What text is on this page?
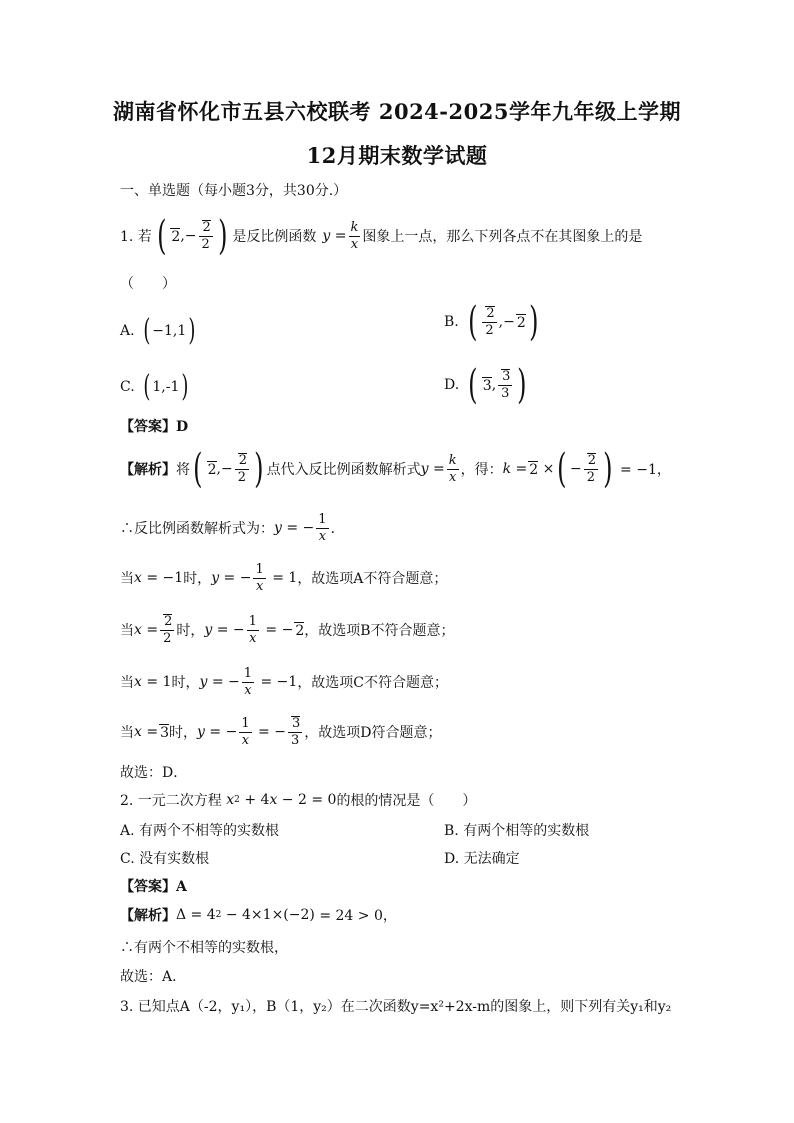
湖南省怀化市五县六校联考 2024-2025学年九年级上学期
12月期末数学试题
一、单选题（每小题3分，共30分.）
1. 若 ( 2 ,− $\frac{2}{2}$ ) 是反比例函数 $y = \frac{k}{x}$ 图象上一点，那么下列各点不在其图象上的是
（　　）
A. ( −1,1 )	B. ( $\frac{2}{2}$ ,− 2 )
C. ( 1,-1 )	D. ( 3 , $\frac{3}{3}$ )
【答案】D
【解析】 将 ( 2 ,− $\frac{2}{2}$ ) 点代入反比例函数解析式 $y = \frac{k}{x}$ ，得： k = 2 × ( − $\frac{2}{2}$ ) = −1，
∴反比例函数解析式为： y = − $\frac{1}{x}$ ．
当 x = −1 时， y = − $\frac{1}{x} = 1$ ，故选项A不符合题意；
当 $x = \frac{2}{2}$ 时， y = − $\frac{1}{x}$ = − 2 ，故选项B不符合题意；
当 x = 1 时， y = − $\frac{1}{x} = -1$ ，故选项C不符合题意；
当 x = 3 时， y = − $\frac{1}{x}$ = − $\frac{3}{3}$ ，故选项D符合题意；
故选：D．
2. 一元二次方程 x 2 + 4 x − 2 = 0 的根的情况是（　　）
A. 有两个不相等的实数根	B. 有两个相等的实数根
C. 没有实数根	D. 无法确定
【答案】A
【解析】 Δ = 4 2 − 4×1× ( −2 ) = 24 > 0，
∴有两个不相等的实数根，
故选：A．
3. 已知点A（-2，y₁），B（1，y₂）在二次函数y=x²+2x-m的图象上，则下列有关y₁和y₂
